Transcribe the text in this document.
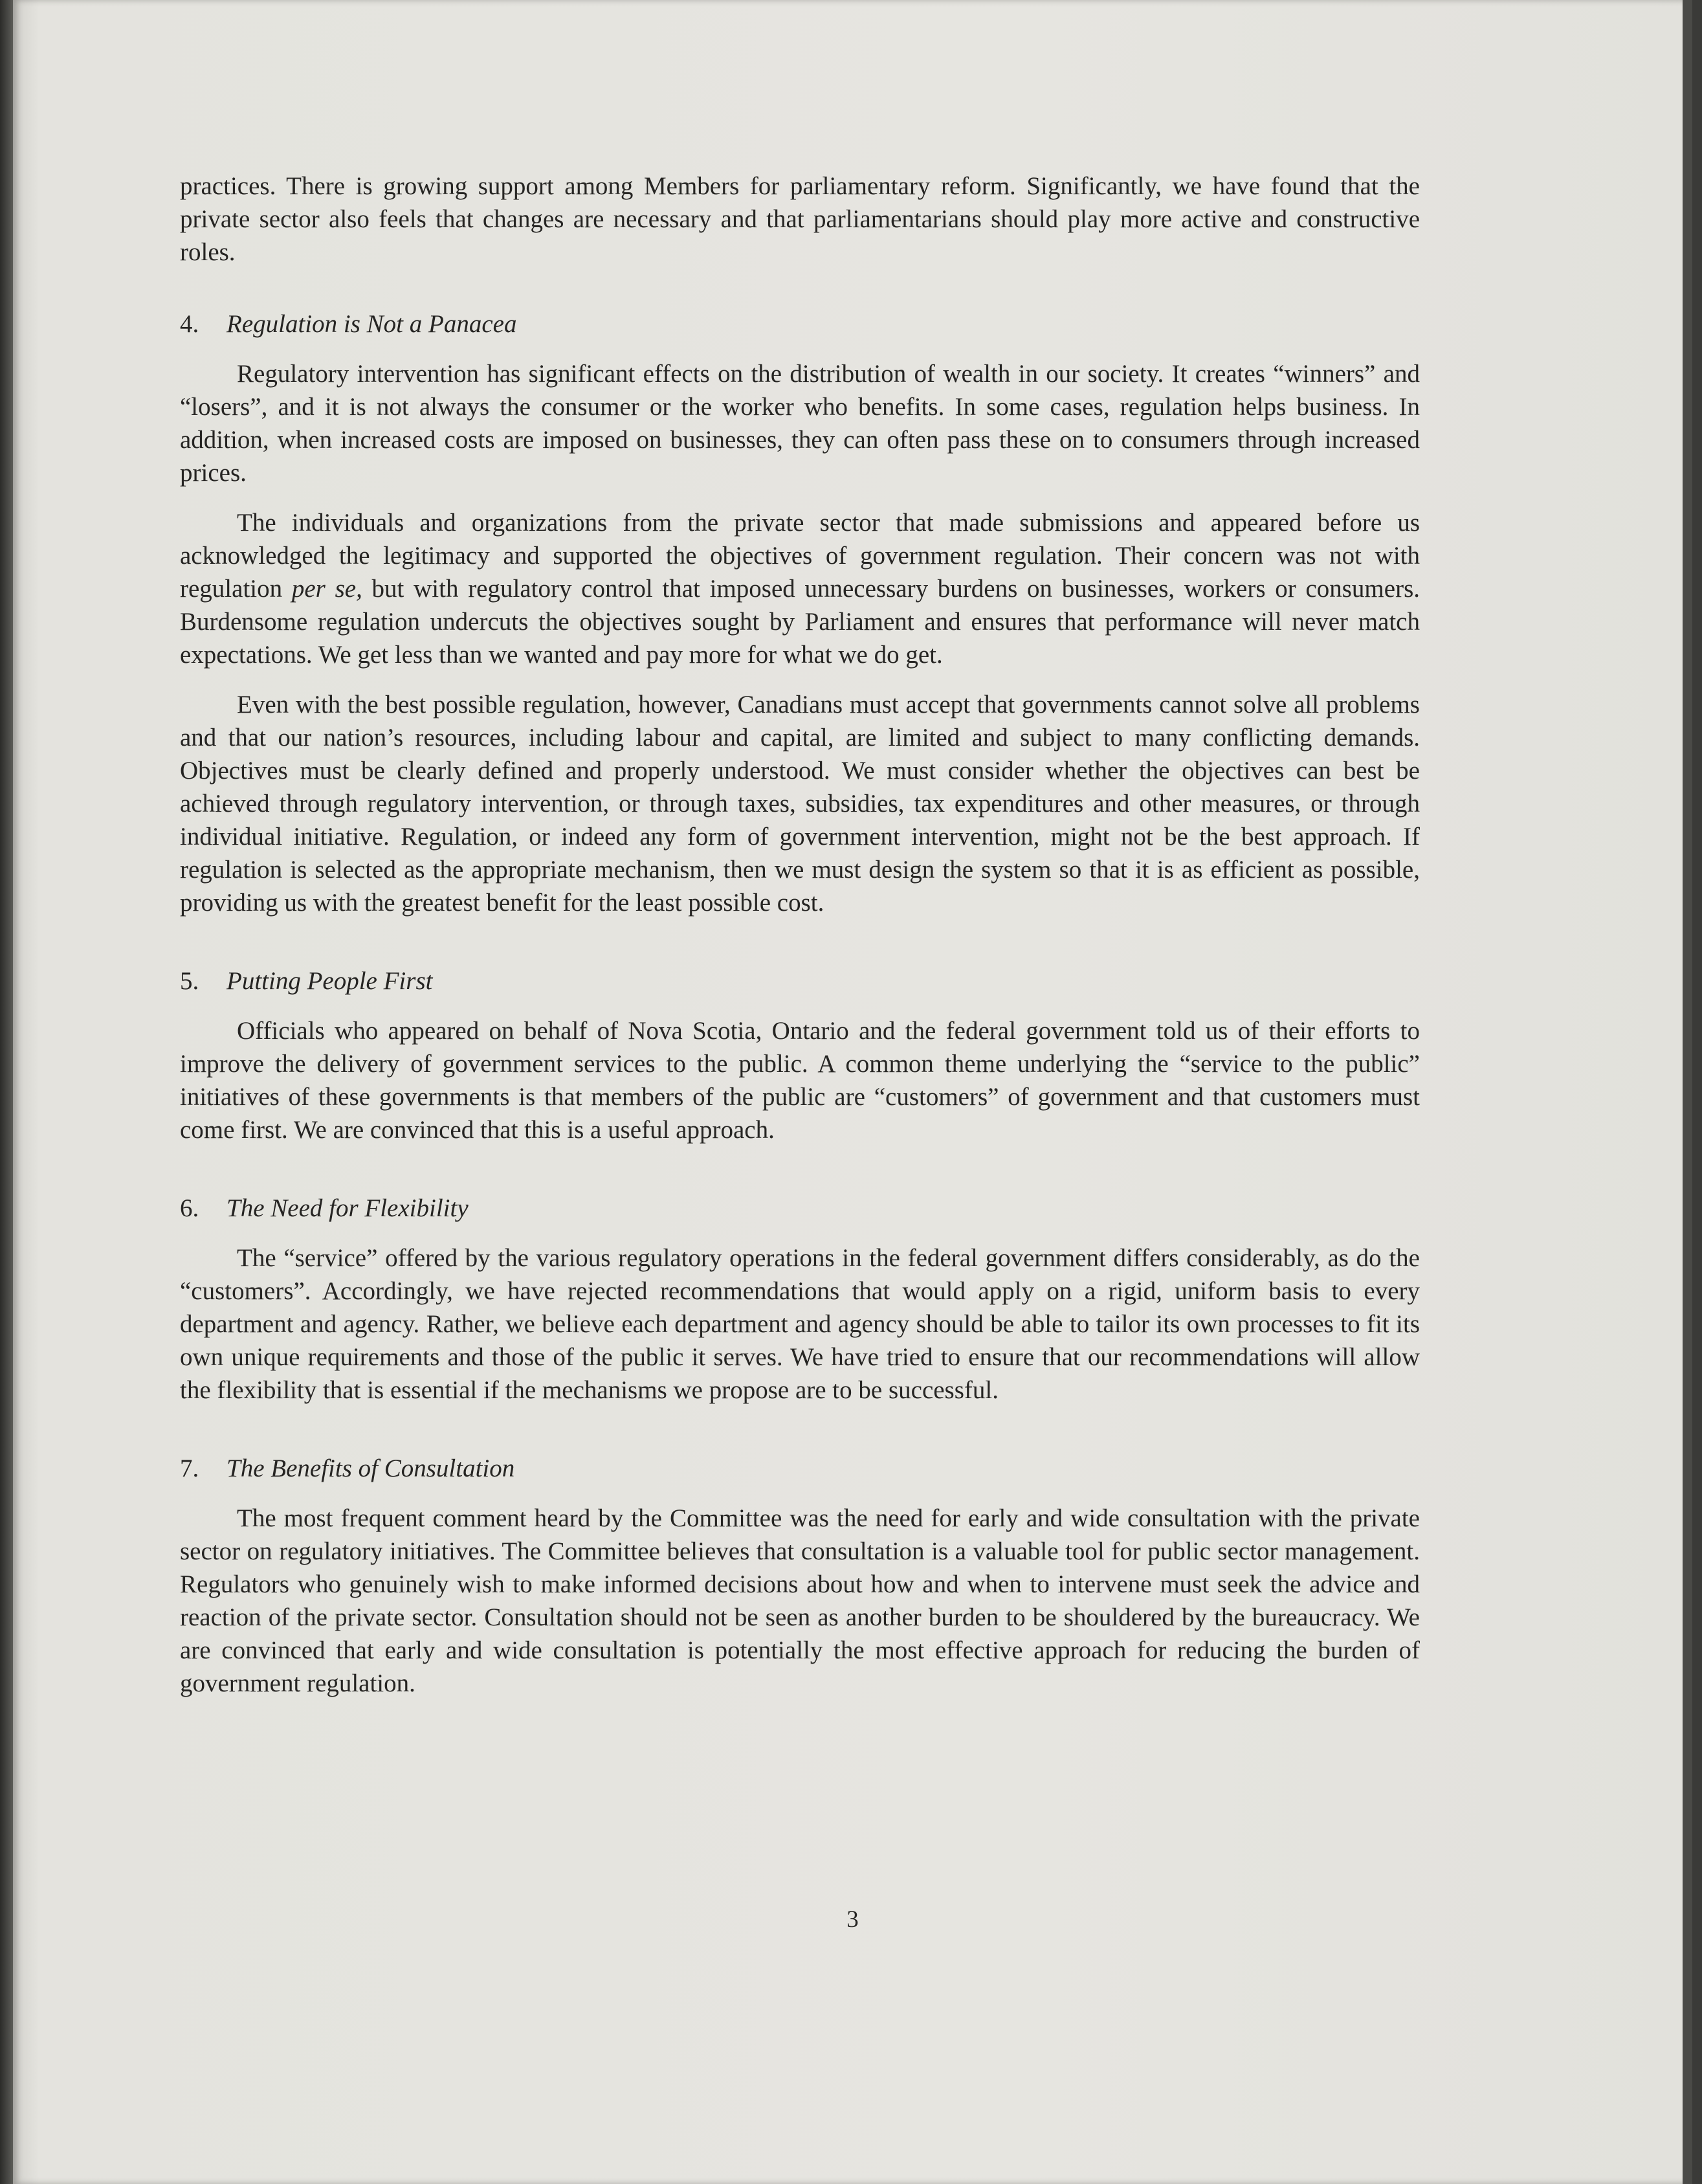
practices. There is growing support among Members for parliamentary reform. Significantly, we have found that the private sector also feels that changes are necessary and that parliamentarians should play more active and constructive roles.

4.	Regulation is Not a Panacea

Regulatory intervention has significant effects on the distribution of wealth in our society. It creates “winners” and “losers”, and it is not always the consumer or the worker who benefits. In some cases, regulation helps business. In addition, when increased costs are imposed on businesses, they can often pass these on to consumers through increased prices.

The individuals and organizations from the private sector that made submissions and appeared before us acknowledged the legitimacy and supported the objectives of government regulation. Their concern was not with regulation per se, but with regulatory control that imposed unnecessary burdens on businesses, workers or consumers. Burdensome regulation undercuts the objectives sought by Parliament and ensures that performance will never match expectations. We get less than we wanted and pay more for what we do get.

Even with the best possible regulation, however, Canadians must accept that governments cannot solve all problems and that our nation’s resources, including labour and capital, are limited and subject to many conflicting demands. Objectives must be clearly defined and properly understood. We must consider whether the objectives can best be achieved through regulatory intervention, or through taxes, subsidies, tax expenditures and other measures, or through individual initiative. Regulation, or indeed any form of government intervention, might not be the best approach. If regulation is selected as the appropriate mechanism, then we must design the system so that it is as efficient as possible, providing us with the greatest benefit for the least possible cost.

5.	Putting People First

Officials who appeared on behalf of Nova Scotia, Ontario and the federal government told us of their efforts to improve the delivery of government services to the public. A common theme underlying the “service to the public” initiatives of these governments is that members of the public are “customers” of government and that customers must come first. We are convinced that this is a useful approach.

6.	The Need for Flexibility

The “service” offered by the various regulatory operations in the federal government differs considerably, as do the “customers”. Accordingly, we have rejected recommendations that would apply on a rigid, uniform basis to every department and agency. Rather, we believe each department and agency should be able to tailor its own processes to fit its own unique requirements and those of the public it serves. We have tried to ensure that our recommendations will allow the flexibility that is essential if the mechanisms we propose are to be successful.

7.	The Benefits of Consultation

The most frequent comment heard by the Committee was the need for early and wide consultation with the private sector on regulatory initiatives. The Committee believes that consultation is a valuable tool for public sector management. Regulators who genuinely wish to make informed decisions about how and when to intervene must seek the advice and reaction of the private sector. Consultation should not be seen as another burden to be shouldered by the bureaucracy. We are convinced that early and wide consultation is potentially the most effective approach for reducing the burden of government regulation.

3
